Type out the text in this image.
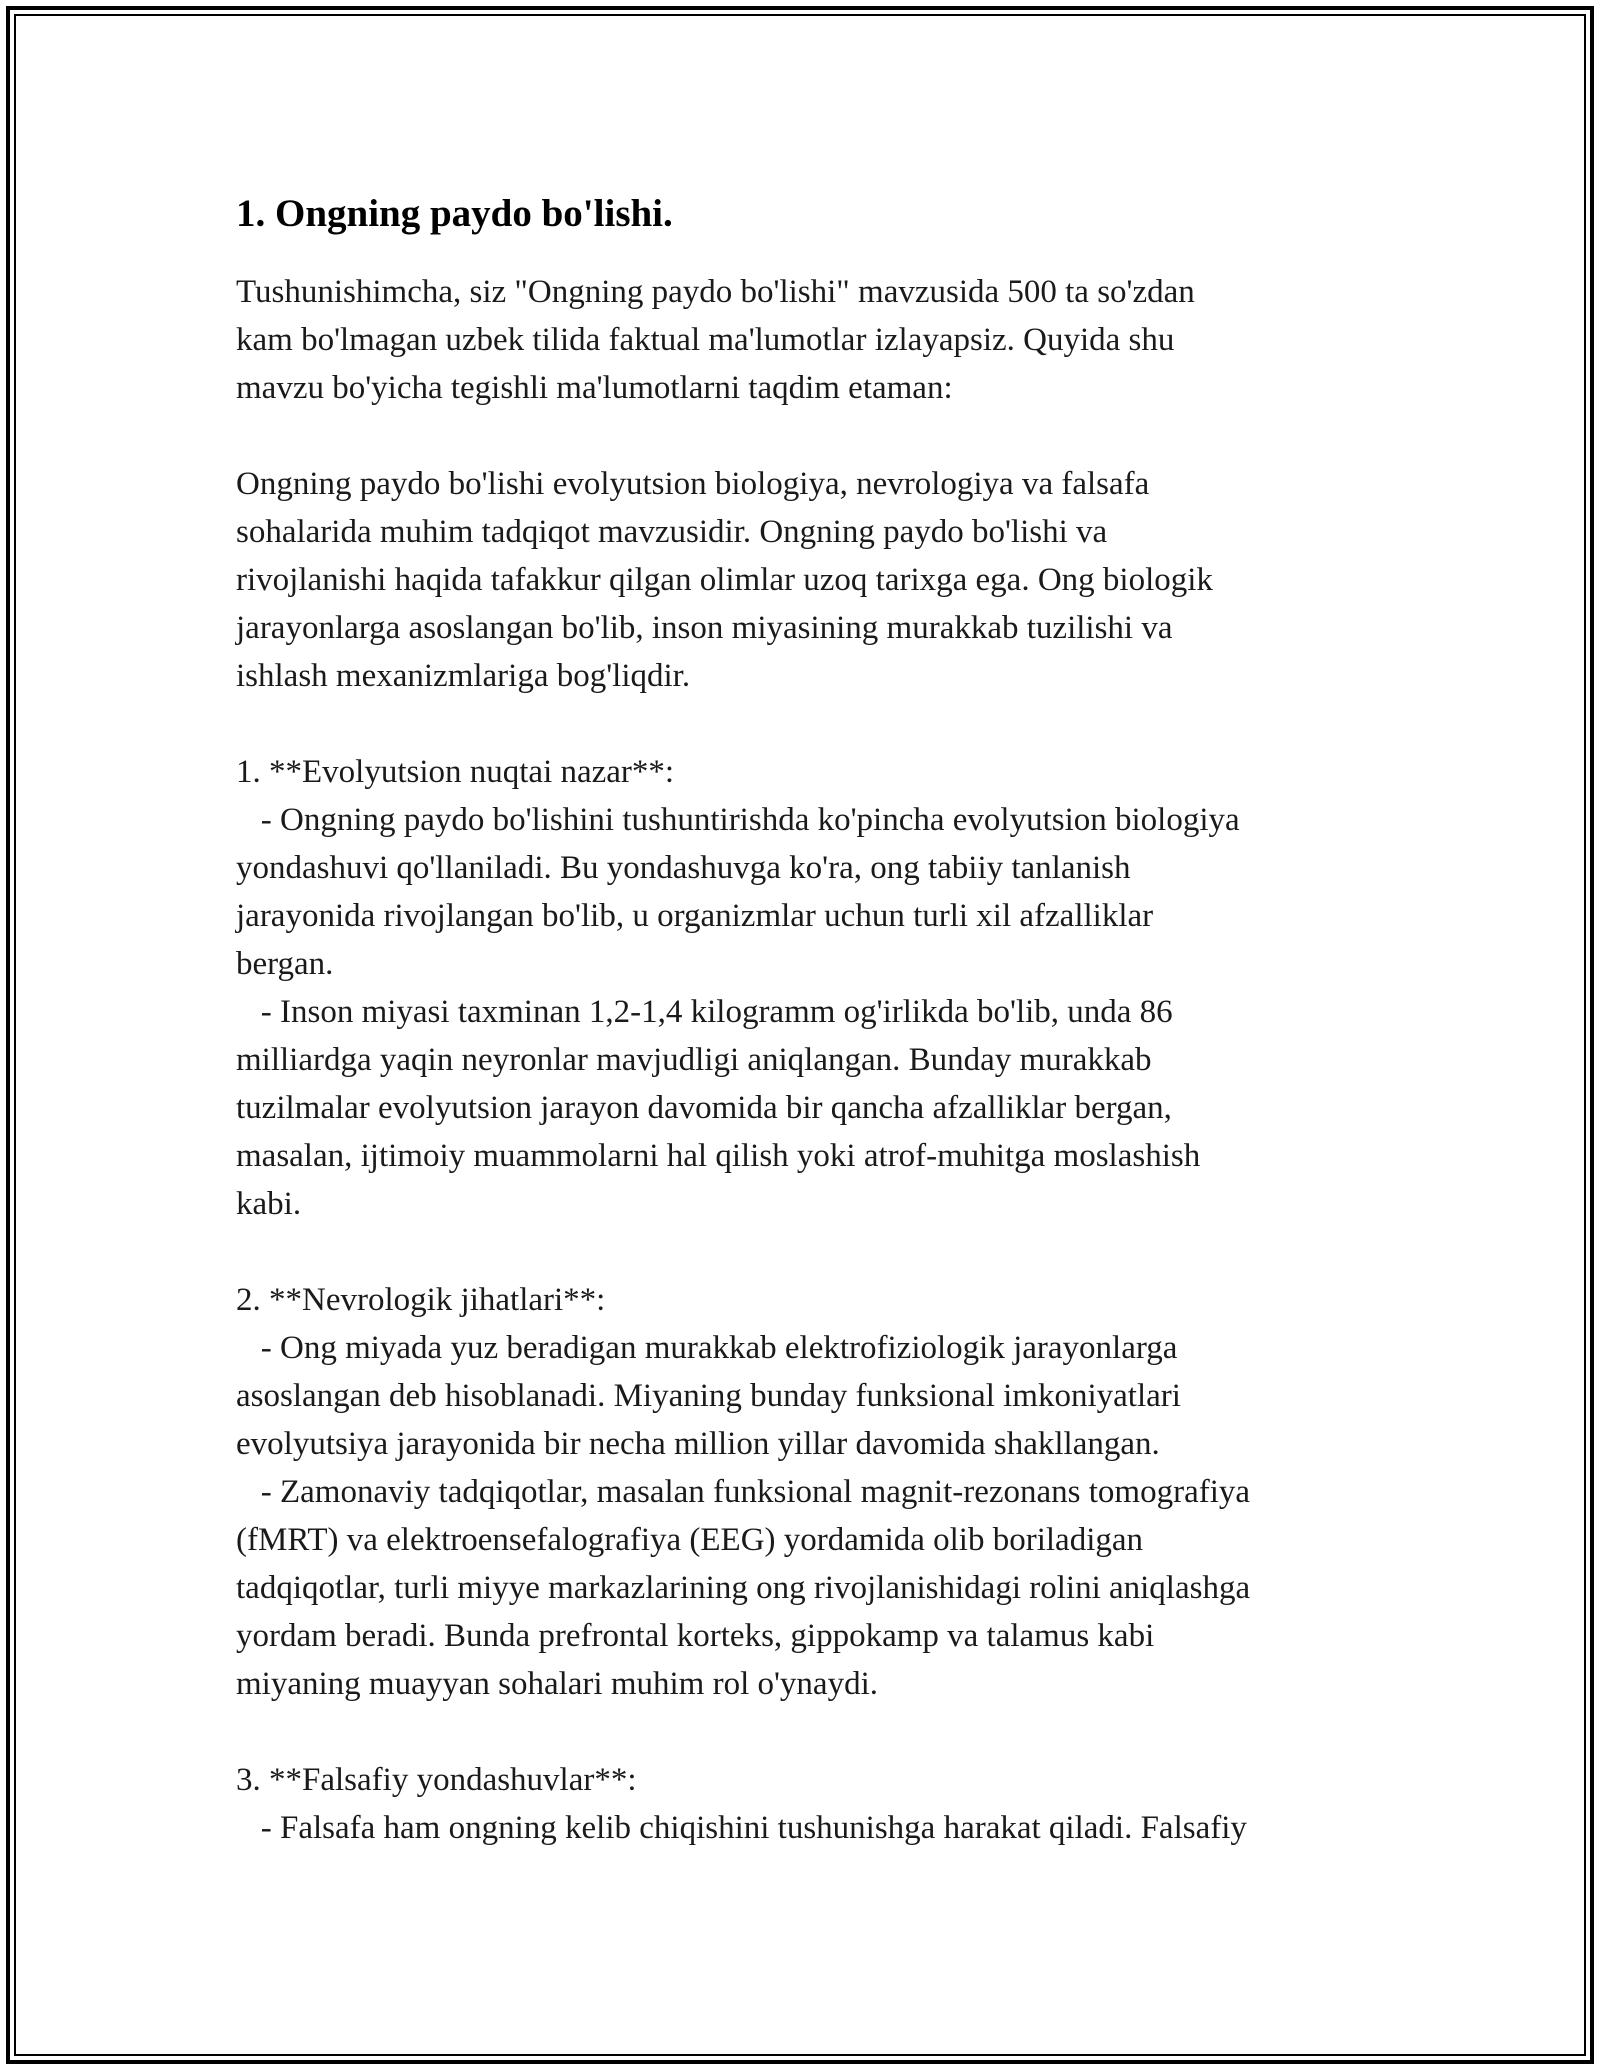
1. Ongning paydo bo'lishi.

Tushunishimcha, siz "Ongning paydo bo'lishi" mavzusida 500 ta so'zdan

kam bo'lmagan uzbek tilida faktual ma'lumotlar izlayapsiz. Quyida shu

mavzu bo'yicha tegishli ma'lumotlarni taqdim etaman:

Ongning paydo bo'lishi evolyutsion biologiya, nevrologiya va falsafa

sohalarida muhim tadqiqot mavzusidir. Ongning paydo bo'lishi va

rivojlanishi haqida tafakkur qilgan olimlar uzoq tarixga ega. Ong biologik

jarayonlarga asoslangan bo'lib, inson miyasining murakkab tuzilishi va

ishlash mexanizmlariga bog'liqdir.

1. **Evolyutsion nuqtai nazar**:

- Ongning paydo bo'lishini tushuntirishda ko'pincha evolyutsion biologiya

yondashuvi qo'llaniladi. Bu yondashuvga ko'ra, ong tabiiy tanlanish

jarayonida rivojlangan bo'lib, u organizmlar uchun turli xil afzalliklar

bergan.

- Inson miyasi taxminan 1,2-1,4 kilogramm og'irlikda bo'lib, unda 86

milliardga yaqin neyronlar mavjudligi aniqlangan. Bunday murakkab

tuzilmalar evolyutsion jarayon davomida bir qancha afzalliklar bergan,

masalan, ijtimoiy muammolarni hal qilish yoki atrof-muhitga moslashish

kabi.

2. **Nevrologik jihatlari**:

- Ong miyada yuz beradigan murakkab elektrofiziologik jarayonlarga

asoslangan deb hisoblanadi. Miyaning bunday funksional imkoniyatlari

evolyutsiya jarayonida bir necha million yillar davomida shakllangan.

- Zamonaviy tadqiqotlar, masalan funksional magnit-rezonans tomografiya

(fMRT) va elektroensefalografiya (EEG) yordamida olib boriladigan

tadqiqotlar, turli miyye markazlarining ong rivojlanishidagi rolini aniqlashga

yordam beradi. Bunda prefrontal korteks, gippokamp va talamus kabi

miyaning muayyan sohalari muhim rol o'ynaydi.

3. **Falsafiy yondashuvlar**:

- Falsafa ham ongning kelib chiqishini tushunishga harakat qiladi. Falsafiy
